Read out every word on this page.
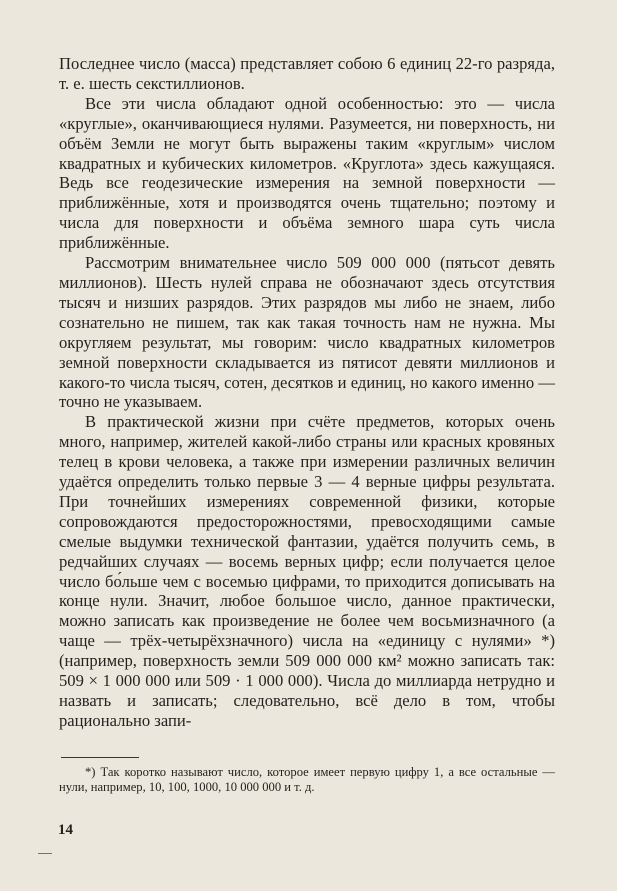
Последнее число (масса) представляет собою 6 единиц 22-го разряда, т. е. шесть секстиллионов.

Все эти числа обладают одной особенностью: это — числа «круглые», оканчивающиеся нулями. Разумеется, ни поверхность, ни объём Земли не могут быть выражены таким «круглым» числом квадратных и кубических километров. «Круглота» здесь кажущаяся. Ведь все геодезические измерения на земной поверхности — приближённые, хотя и производятся очень тщательно; поэтому и числа для поверхности и объёма земного шара суть числа приближённые.

Рассмотрим внимательнее число 509 000 000 (пятьсот девять миллионов). Шесть нулей справа не обозначают здесь отсутствия тысяч и низших разрядов. Этих разрядов мы либо не знаем, либо сознательно не пишем, так как такая точность нам не нужна. Мы округляем результат, мы говорим: число квадратных километров земной поверхности складывается из пятисот девяти миллионов и какого-то числа тысяч, сотен, десятков и единиц, но какого именно — точно не указываем.

В практической жизни при счёте предметов, которых очень много, например, жителей какой-либо страны или красных кровяных телец в крови человека, а также при измерении различных величин удаётся определить только первые 3 — 4 верные цифры результата. При точнейших измерениях современной физики, которые сопровождаются предосторожностями, превосходящими самые смелые выдумки технической фантазии, удаётся получить семь, в редчайших случаях — восемь верных цифр; если получается целое число бо́льше чем с восемью цифрами, то приходится дописывать на конце нули. Значит, любое большое число, данное практически, можно записать как произведение не более чем восьмизначного (а чаще — трёх-четырёхзначного) числа на «единицу с нулями» *) (например, поверхность земли 509 000 000 км² можно записать так: 509 × 1 000 000 или 509 · 1 000 000). Числа до миллиарда нетрудно и назвать и записать; следовательно, всё дело в том, чтобы рационально запи-

*) Так коротко называют число, которое имеет первую цифру 1, а все остальные — нули, например, 10, 100, 1000, 10 000 000 и т. д.
14
